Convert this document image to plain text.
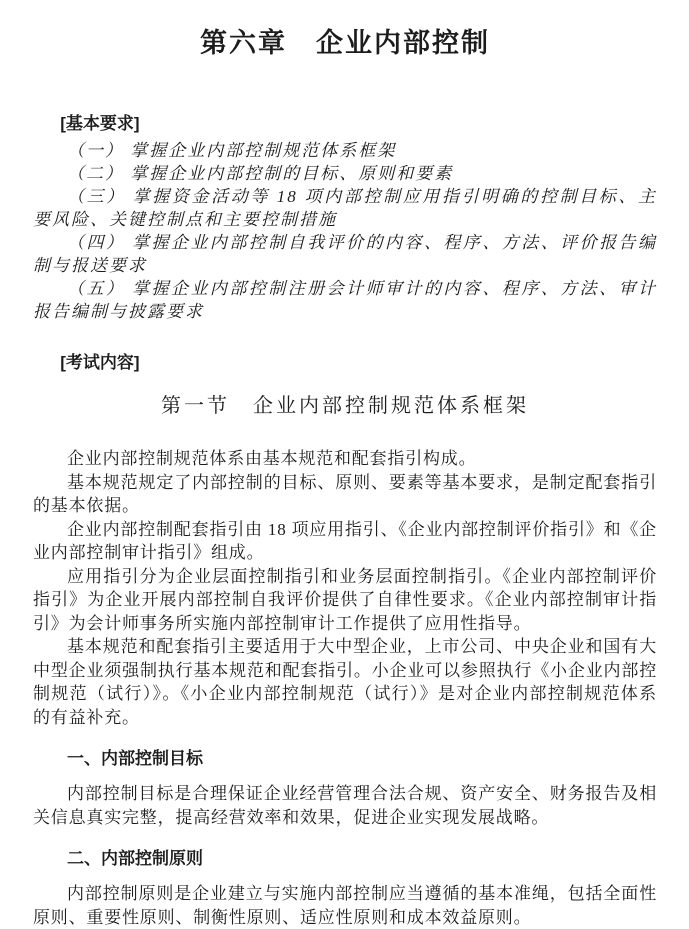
第六章　企业内部控制

[基本要求]

（一） 掌握企业内部控制规范体系框架

（二） 掌握企业内部控制的目标、原则和要素

（三） 掌握资金活动等 18 项内部控制应用指引明确的控制目标、主要风险、关键控制点和主要控制措施

（四） 掌握企业内部控制自我评价的内容、程序、方法、评价报告编制与报送要求

（五） 掌握企业内部控制注册会计师审计的内容、程序、方法、审计报告编制与披露要求

[考试内容]

第一节　企业内部控制规范体系框架

企业内部控制规范体系由基本规范和配套指引构成。

基本规范规定了内部控制的目标、原则、要素等基本要求，是制定配套指引的基本依据。

企业内部控制配套指引由 18 项应用指引、《企业内部控制评价指引》和《企业内部控制审计指引》组成。

应用指引分为企业层面控制指引和业务层面控制指引。《企业内部控制评价指引》为企业开展内部控制自我评价提供了自律性要求。《企业内部控制审计指引》为会计师事务所实施内部控制审计工作提供了应用性指导。

基本规范和配套指引主要适用于大中型企业，上市公司、中央企业和国有大中型企业须强制执行基本规范和配套指引。小企业可以参照执行《小企业内部控制规范（试行）》。《小企业内部控制规范（试行）》是对企业内部控制规范体系的有益补充。

一、内部控制目标

内部控制目标是合理保证企业经营管理合法合规、资产安全、财务报告及相关信息真实完整，提高经营效率和效果，促进企业实现发展战略。

二、内部控制原则

内部控制原则是企业建立与实施内部控制应当遵循的基本准绳，包括全面性原则、重要性原则、制衡性原则、适应性原则和成本效益原则。
